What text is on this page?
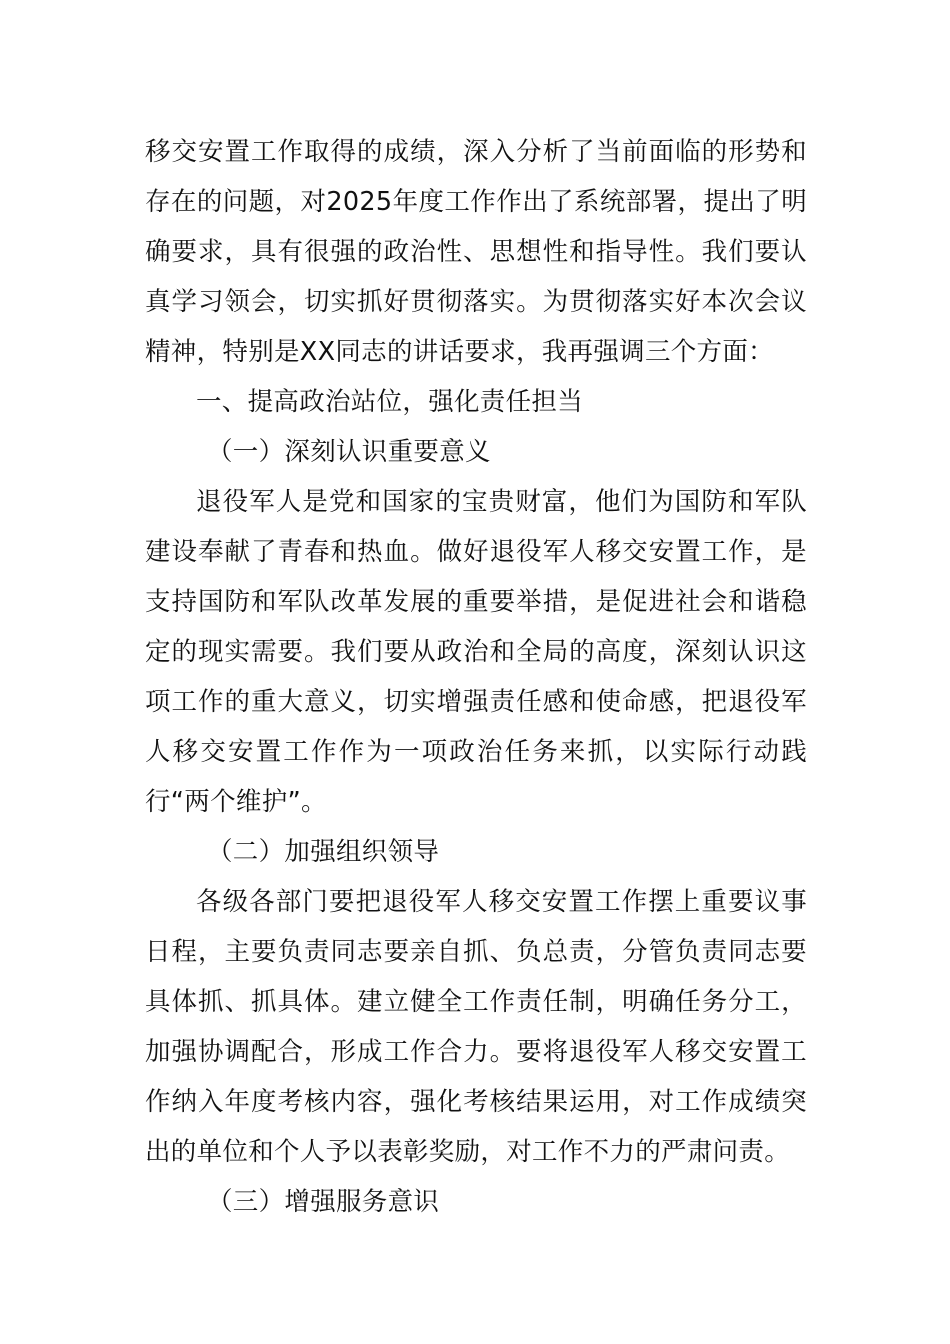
移交安置工作取得的成绩，深入分析了当前面临的形势和存在的问题，对2025年度工作作出了系统部署，提出了明确要求，具有很强的政治性、思想性和指导性。我们要认真学习领会，切实抓好贯彻落实。为贯彻落实好本次会议精神，特别是XX同志的讲话要求，我再强调三个方面：

一、提高政治站位，强化责任担当

（一）深刻认识重要意义

退役军人是党和国家的宝贵财富，他们为国防和军队建设奉献了青春和热血。做好退役军人移交安置工作，是支持国防和军队改革发展的重要举措，是促进社会和谐稳定的现实需要。我们要从政治和全局的高度，深刻认识这项工作的重大意义，切实增强责任感和使命感，把退役军人移交安置工作作为一项政治任务来抓，以实际行动践行“两个维护”。

（二）加强组织领导

各级各部门要把退役军人移交安置工作摆上重要议事日程，主要负责同志要亲自抓、负总责，分管负责同志要具体抓、抓具体。建立健全工作责任制，明确任务分工，加强协调配合，形成工作合力。要将退役军人移交安置工作纳入年度考核内容，强化考核结果运用，对工作成绩突出的单位和个人予以表彰奖励，对工作不力的严肃问责。

（三）增强服务意识
